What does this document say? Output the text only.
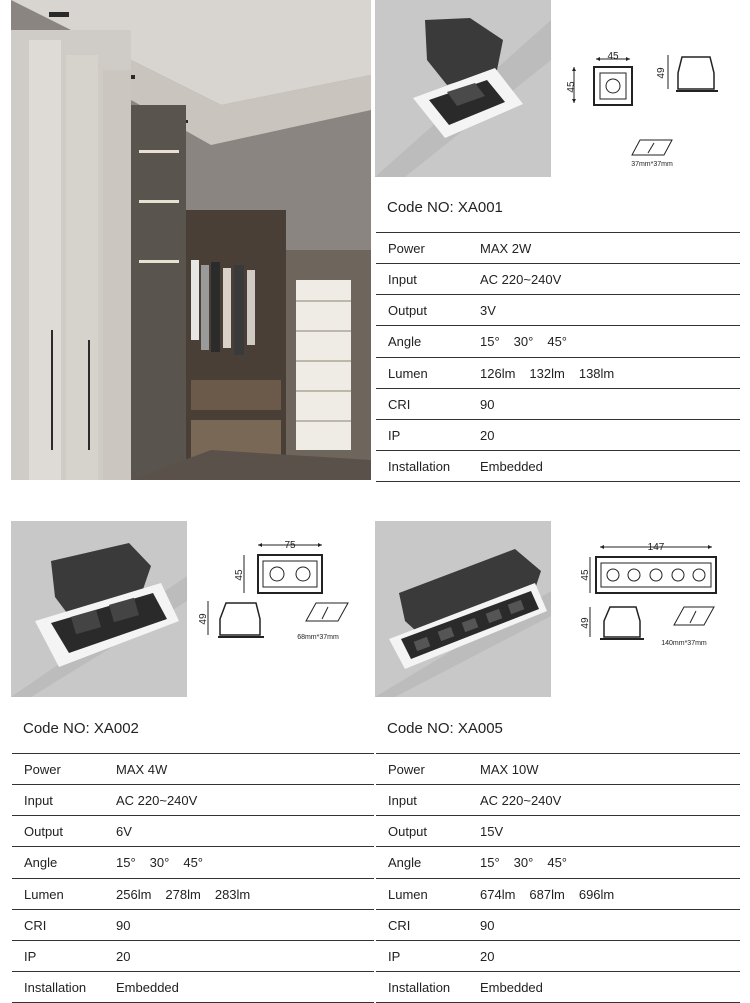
45
45
49
37mm*37mm
Code NO: XA001
Power	MAX 2W
Input	AC 220~240V
Output	3V
Angle	15° 30° 45°
Lumen	126lm 132lm 138lm
CRI	90
IP	20
Installation	Embedded
75
45
49
68mm*37mm
Code NO: XA002
Power	MAX 4W
Input	AC 220~240V
Output	6V
Angle	15° 30° 45°
Lumen	256lm 278lm 283lm
CRI	90
IP	20
Installation	Embedded
147
45
49
140mm*37mm
Code NO: XA005
Power	MAX 10W
Input	AC 220~240V
Output	15V
Angle	15° 30° 45°
Lumen	674lm 687lm 696lm
CRI	90
IP	20
Installation	Embedded
